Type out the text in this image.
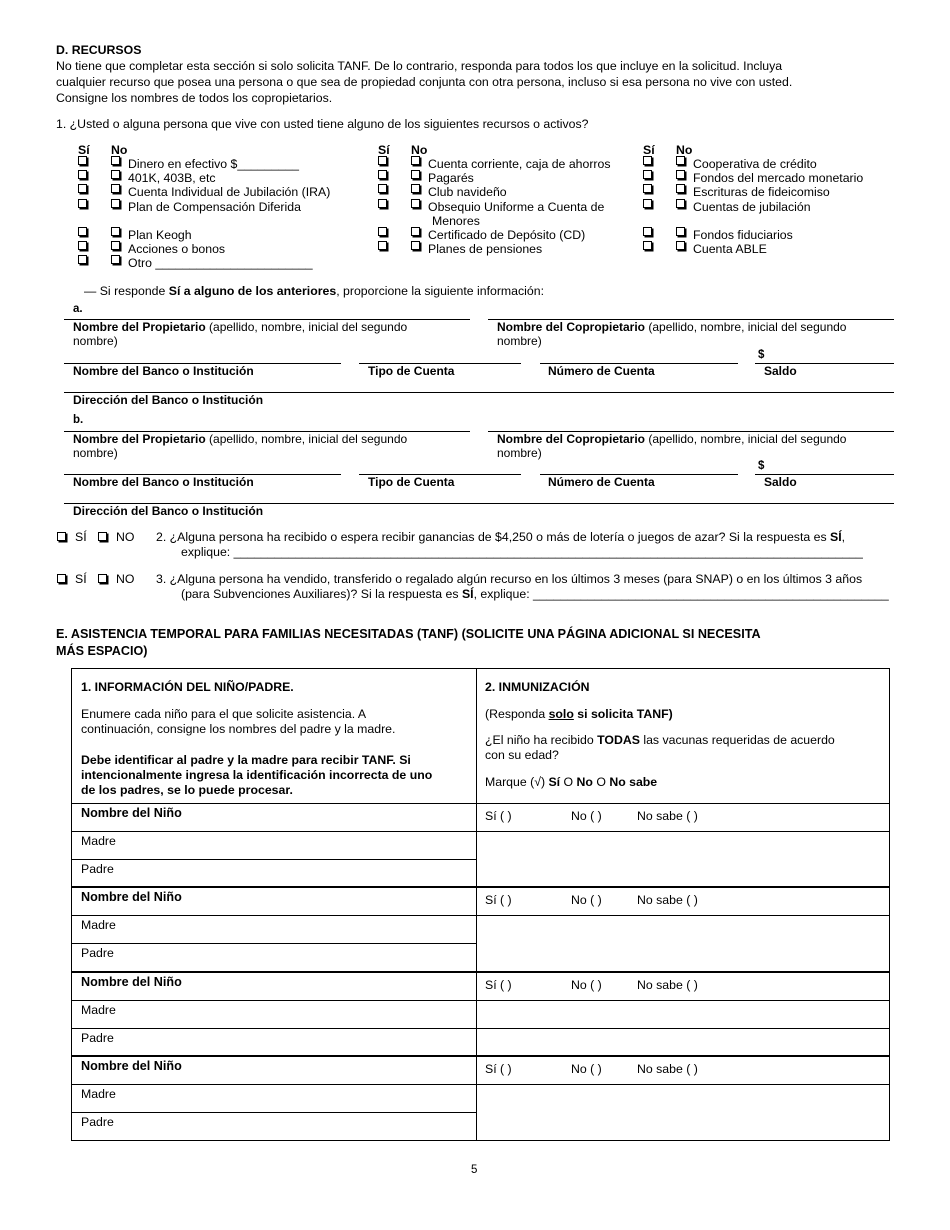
D. RECURSOS
No tiene que completar esta sección si solo solicita TANF. De lo contrario, responda para todos los que incluye en la solicitud. Incluya
cualquier recurso que posea una persona o que sea de propiedad conjunta con otra persona, incluso si esa persona no vive con usted.
Consigne los nombres de todos los copropietarios.
1. ¿Usted o alguna persona que vive con usted tiene alguno de los siguientes recursos o activos?
Sí No
Dinero en efectivo $_________
401K, 403B, etc
Cuenta Individual de Jubilación (IRA)
Plan de Compensación Diferida
Plan Keogh
Acciones o bonos
Otro _______________________
Sí No
Cuenta corriente, caja de ahorros
Pagarés
Club navideño
Obsequio Uniforme a Cuenta de
Menores
Certificado de Depósito (CD)
Planes de pensiones
Sí No
Cooperativa de crédito
Fondos del mercado monetario
Escrituras de fideicomiso
Cuentas de jubilación
Fondos fiduciarios
Cuenta ABLE
— Si responde Sí a alguno de los anteriores, proporcione la siguiente información:
a.
Nombre del Propietario (apellido, nombre, inicial del segundo
nombre)
Nombre del Copropietario (apellido, nombre, inicial del segundo
nombre)
$
Nombre del Banco o Institución	Tipo de Cuenta	Número de Cuenta	Saldo
Dirección del Banco o Institución
b.
Nombre del Propietario (apellido, nombre, inicial del segundo
nombre)
Nombre del Copropietario (apellido, nombre, inicial del segundo
nombre)
$
Nombre del Banco o Institución	Tipo de Cuenta	Número de Cuenta	Saldo
Dirección del Banco o Institución
SÍ NO 2. ¿Alguna persona ha recibido o espera recibir ganancias de $4,250 o más de lotería o juegos de azar? Si la respuesta es SÍ,
explique: ____________________________________________________________________________________________
SÍ NO 3. ¿Alguna persona ha vendido, transferido o regalado algún recurso en los últimos 3 meses (para SNAP) o en los últimos 3 años
(para Subvenciones Auxiliares)? Si la respuesta es SÍ, explique: ____________________________________________________
E. ASISTENCIA TEMPORAL PARA FAMILIAS NECESITADAS (TANF) (SOLICITE UNA PÁGINA ADICIONAL SI NECESITA
MÁS ESPACIO)
1. INFORMACIÓN DEL NIÑO/PADRE.
Enumere cada niño para el que solicite asistencia. A
continuación, consigne los nombres del padre y la madre.
Debe identificar al padre y la madre para recibir TANF. Si
intencionalmente ingresa la identificación incorrecta de uno
de los padres, se lo puede procesar.
2. INMUNIZACIÓN
(Responda solo si solicita TANF)
¿El niño ha recibido TODAS las vacunas requeridas de acuerdo
con su edad?
Marque (√) Sí O No O No sabe
Nombre del Niño	Sí ( )	No ( )	No sabe ( )
Madre
Padre
Nombre del Niño	Sí ( )	No ( )	No sabe ( )
Madre
Padre
Nombre del Niño	Sí ( )	No ( )	No sabe ( )
Madre
Padre
Nombre del Niño	Sí ( )	No ( )	No sabe ( )
Madre
Padre
5
